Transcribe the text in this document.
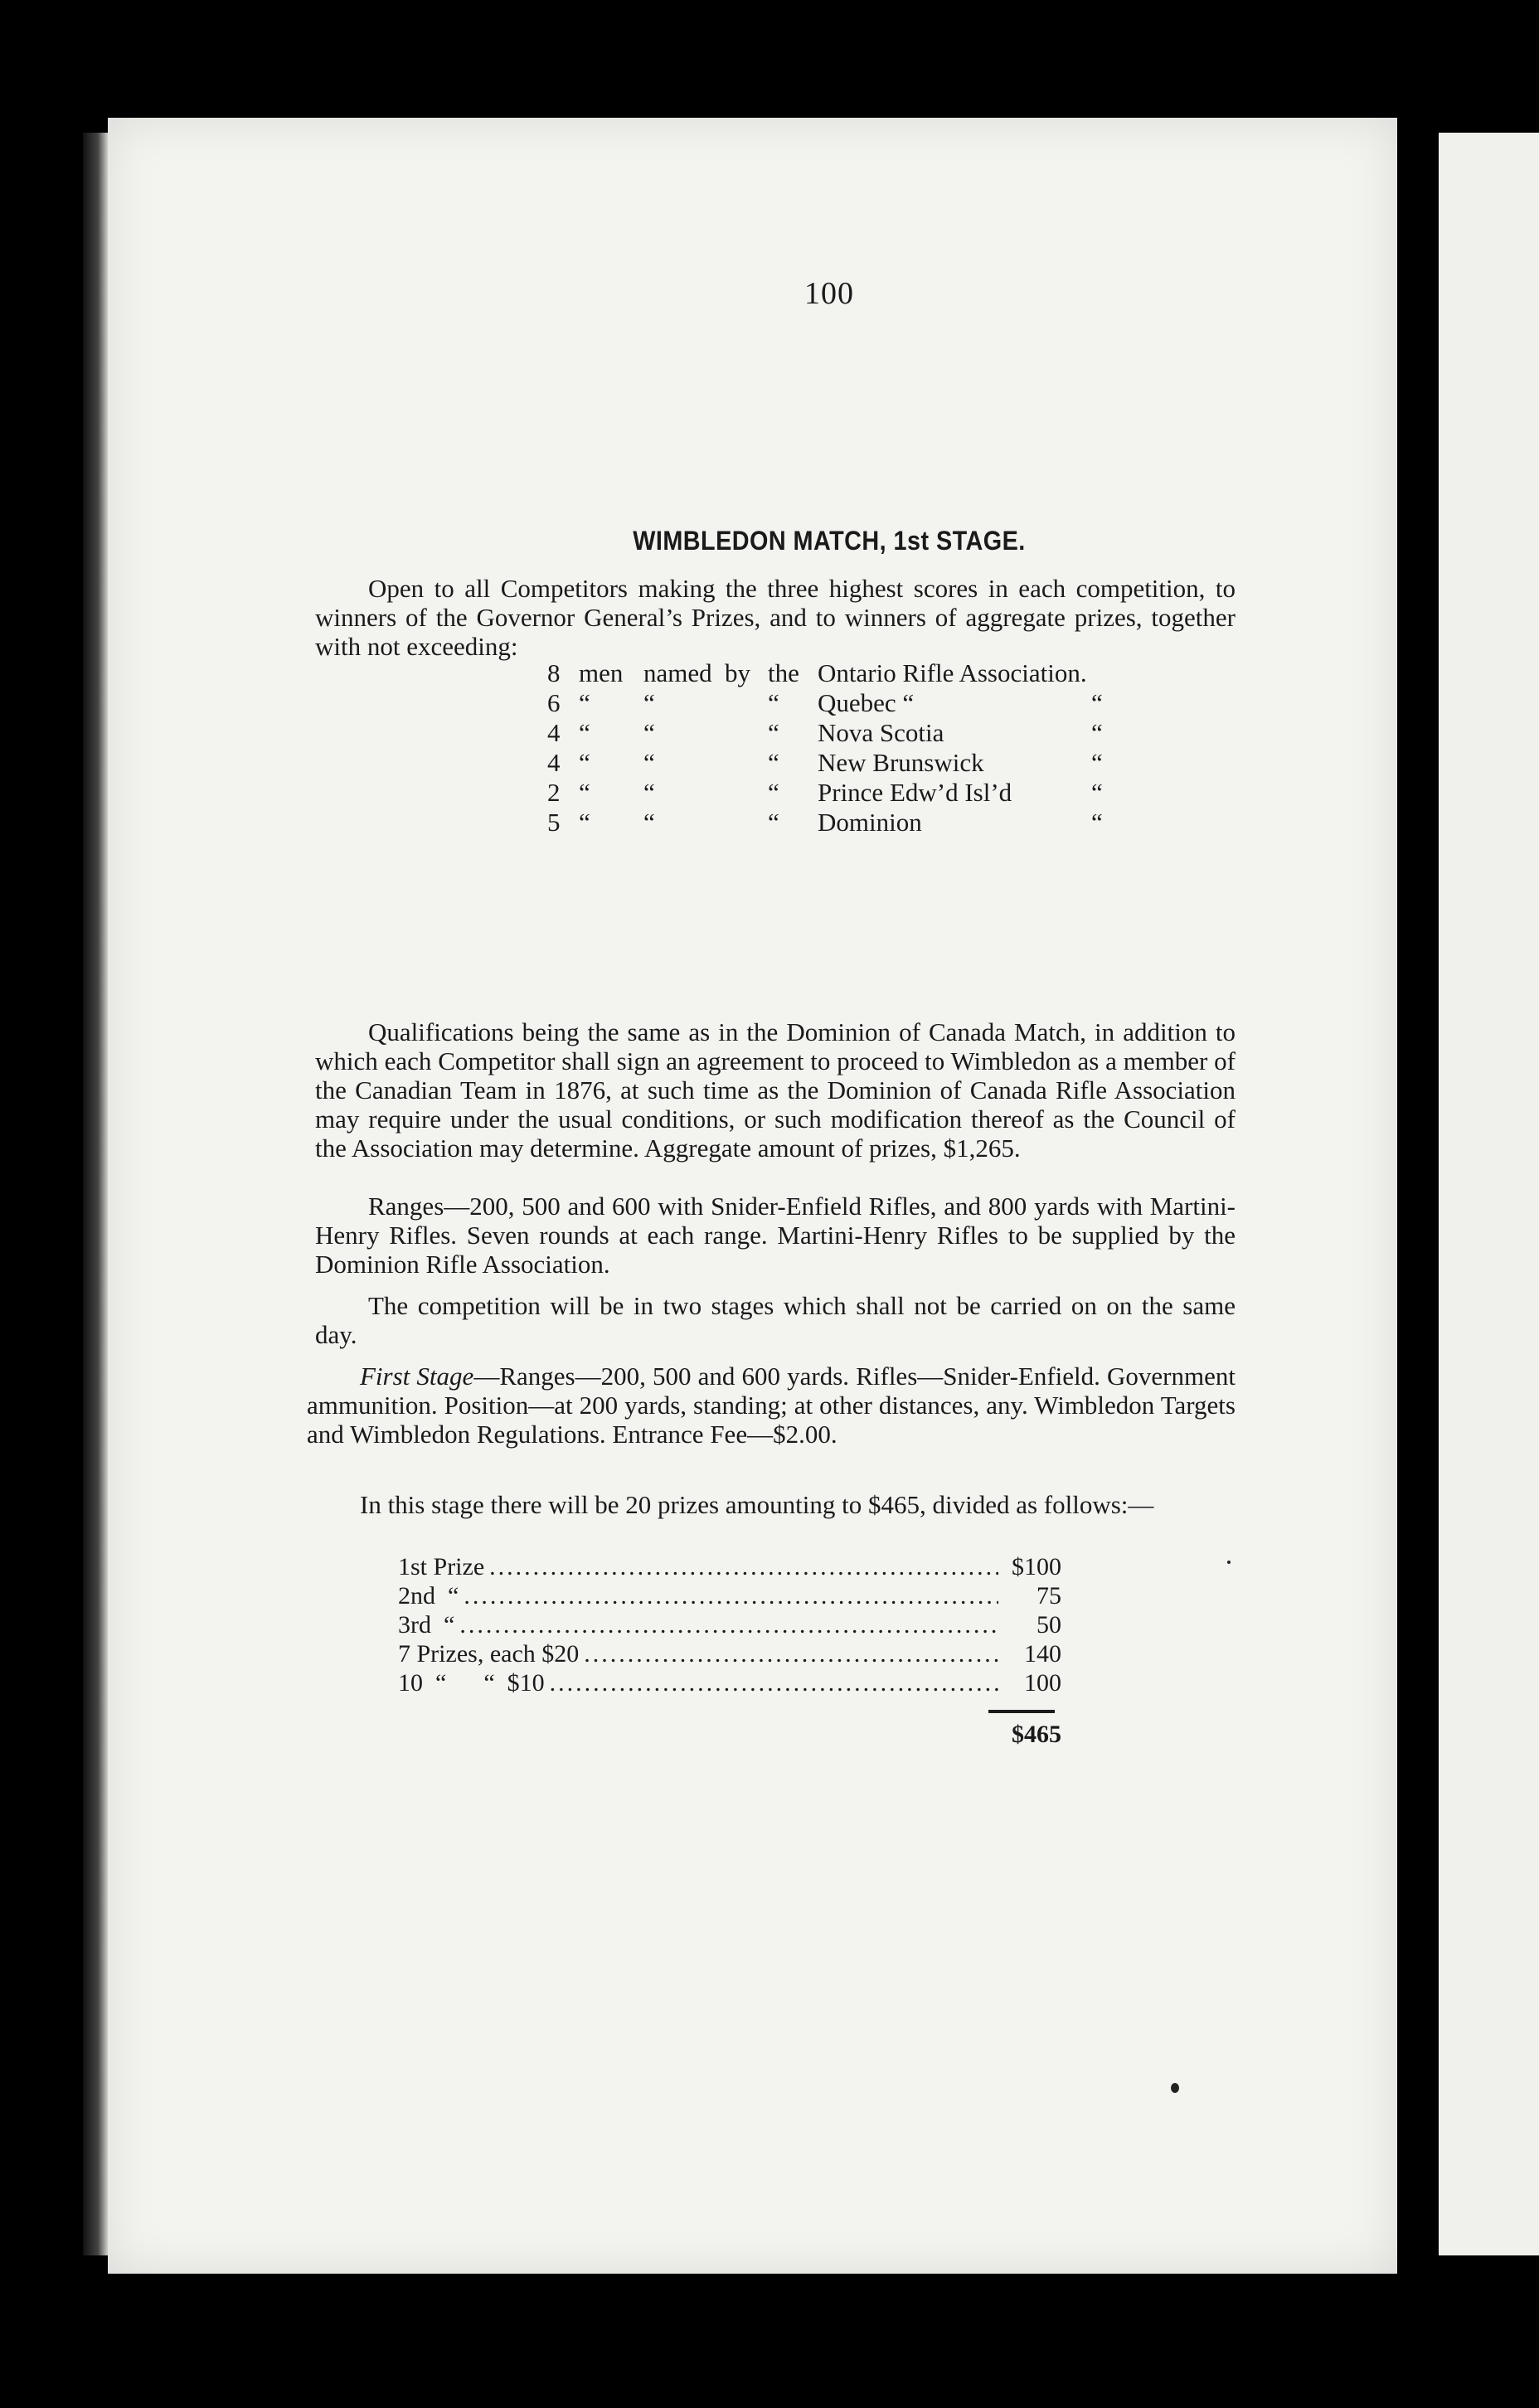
100
WIMBLEDON MATCH, 1st STAGE.

Open to all Competitors making the three highest scores in each competition, to winners of the Governor General’s Prizes, and to winners of aggregate prizes, together with not exceeding:

8	men	named	by	the	Ontario Rifle Association.	
6	“	“		“	Quebec “	“
4	“	“		“	Nova Scotia	“
4	“	“		“	New Brunswick	“
2	“	“		“	Prince Edw’d Isl’d	“
5	“	“		“	Dominion	“

Qualifications being the same as in the Dominion of Canada Match, in addition to which each Competitor shall sign an agreement to proceed to Wimbledon as a member of the Canadian Team in 1876, at such time as the Dominion of Canada Rifle Association may require under the usual conditions, or such modification thereof as the Council of the Association may determine. Aggregate amount of prizes, $1,265.

Ranges—200, 500 and 600 with Snider-Enfield Rifles, and 800 yards with Martini-Henry Rifles. Seven rounds at each range. Martini-Henry Rifles to be supplied by the Dominion Rifle Association.

The competition will be in two stages which shall not be carried on on the same day.

First Stage—Ranges—200, 500 and 600 yards. Rifles—Snider-Enfield. Government ammunition. Position—at 200 yards, standing; at other distances, any. Wimbledon Targets and Wimbledon Regulations. Entrance Fee—$2.00.

In this stage there will be 20 prizes amounting to $465, divided as follows:—

1st Prize .....	$100
2nd  “ .....	75
3rd  “ .....	50
7 Prizes, each $20 .....	140
10  “      “  $10 .....	100
$465
